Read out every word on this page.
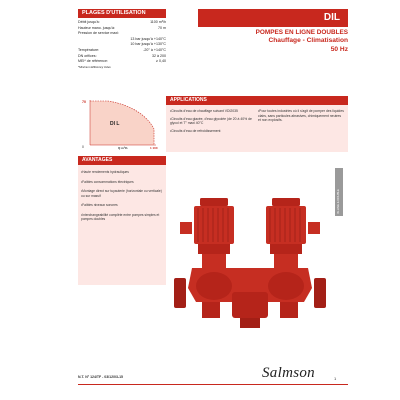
PLAGES D'UTILISATION	DIL
Débit jusqu'à:	1100 m³/h
Hauteur mano. jusqu'à:	70 m
Pression de service maxi:
13 bar jusqu'à +140°C
10 bar jusqu'à +130°C
Température:	-20° à +140°C
DN orifices:	32 à 200
MEI* de référence:	≥ 0,40
*Minimum Efficiency Index
POMPES EN LIGNE DOUBLES
Chauffage - Climatisation
50 Hz
70
0	Q m³/h	1 100
DI L
APPLICATIONS

•Circuits d'eau de chauffage suivant VDI2035

•Circuits d'eau glacée, d'eau glycolée (de 20 à 40% de glycol et T° maxi 40°C

•Circuits d'eau de refroidissement

•Pour toutes industries où il s'agit de pomper des liquides clairs, sans particules abrasives, chimiquement neutres et non explosifs.

AVANTAGES

•Haute rendements hydrauliques

•Faibles consommations électriques

•Montage direct sur tuyauterie (horizontale ou verticale) ou sur massif

•Faibles niveaux sonores

•Interchangeabilité complète entre pompes simples et pompes doubles

IN-LINE & DOUBLE
N.T. N° 124/TF - 03/12/03-15	Salmson	1
